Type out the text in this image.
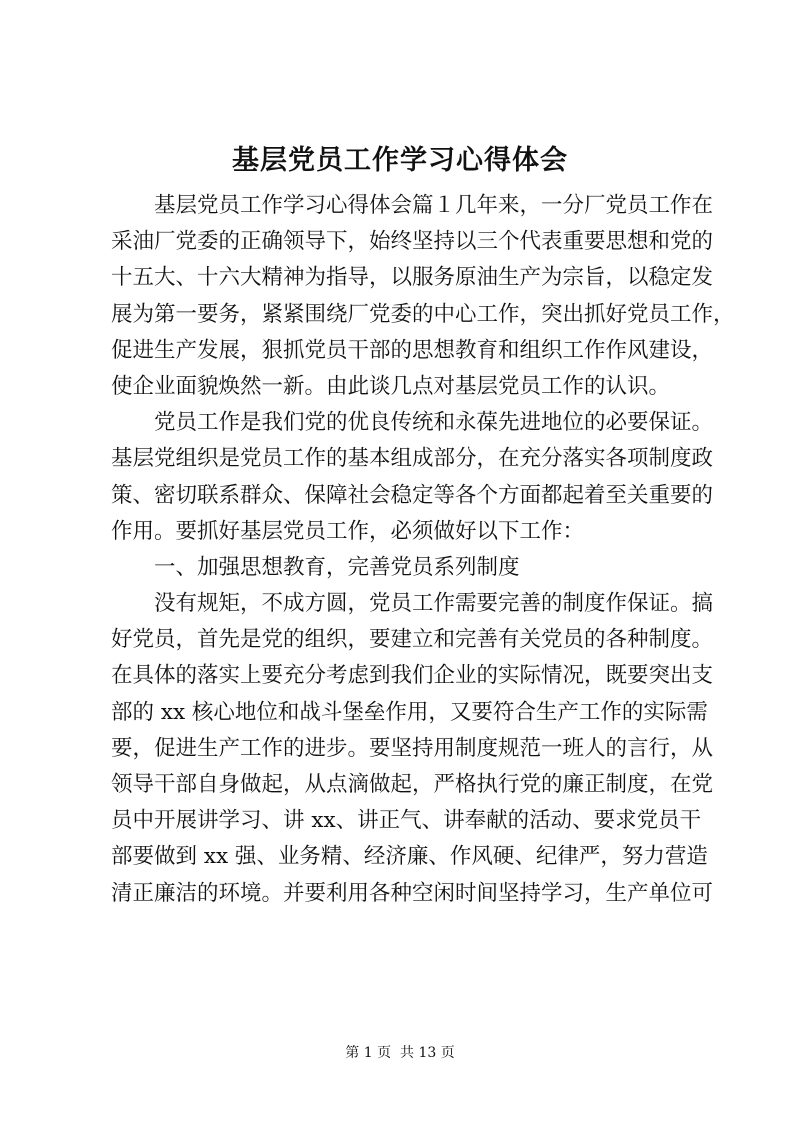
基层党员工作学习心得体会
　　基层党员工作学习心得体会篇１几年来，一分厂党员工作在
采油厂党委的正确领导下，始终坚持以三个代表重要思想和党的
十五大、十六大精神为指导，以服务原油生产为宗旨，以稳定发
展为第一要务，紧紧围绕厂党委的中心工作，突出抓好党员工作，
促进生产发展，狠抓党员干部的思想教育和组织工作作风建设，
使企业面貌焕然一新。由此谈几点对基层党员工作的认识。
　　党员工作是我们党的优良传统和永葆先进地位的必要保证。
基层党组织是党员工作的基本组成部分，在充分落实各项制度政
策、密切联系群众、保障社会稳定等各个方面都起着至关重要的
作用。要抓好基层党员工作，必须做好以下工作：
　　一、加强思想教育，完善党员系列制度
　　没有规矩，不成方圆，党员工作需要完善的制度作保证。搞
好党员，首先是党的组织，要建立和完善有关党员的各种制度。
在具体的落实上要充分考虑到我们企业的实际情况，既要突出支
部的 xx 核心地位和战斗堡垒作用，又要符合生产工作的实际需
要，促进生产工作的进步。要坚持用制度规范一班人的言行，从
领导干部自身做起，从点滴做起，严格执行党的廉正制度，在党
员中开展讲学习、讲 xx、讲正气、讲奉献的活动、要求党员干
部要做到 xx 强、业务精、经济廉、作风硬、纪律严，努力营造
清正廉洁的环境。并要利用各种空闲时间坚持学习，生产单位可
第 1 页  共 13 页
